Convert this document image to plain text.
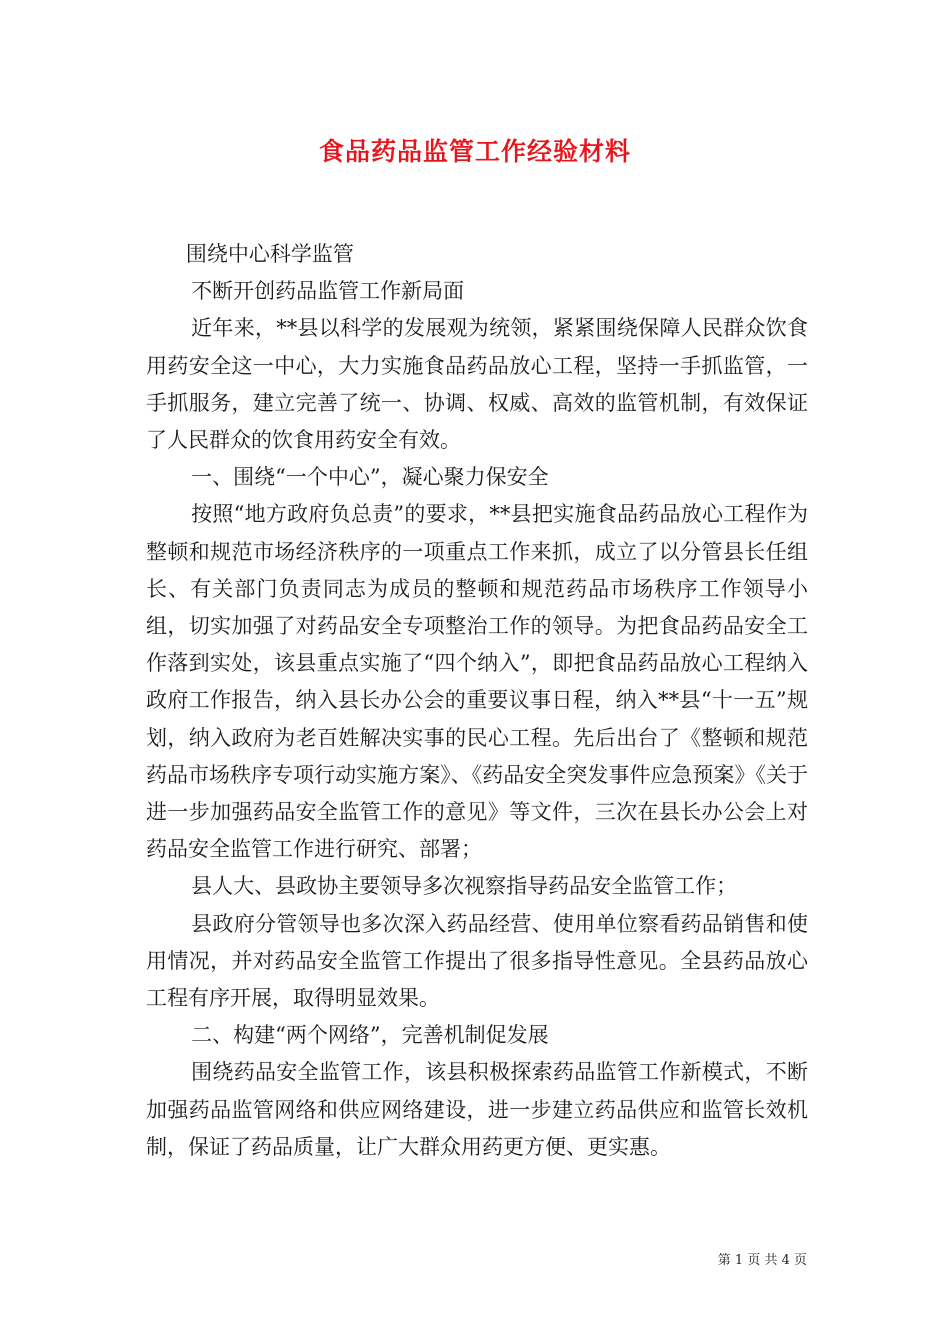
食品药品监管工作经验材料

围绕中心科学监管

不断开创药品监管工作新局面

近年来，**县以科学的发展观为统领，紧紧围绕保障人民群众饮食用药安全这一中心，大力实施食品药品放心工程，坚持一手抓监管，一手抓服务，建立完善了统一、协调、权威、高效的监管机制，有效保证了人民群众的饮食用药安全有效。

一、围绕“一个中心”，凝心聚力保安全

按照“地方政府负总责”的要求，**县把实施食品药品放心工程作为整顿和规范市场经济秩序的一项重点工作来抓，成立了以分管县长任组长、有关部门负责同志为成员的整顿和规范药品市场秩序工作领导小组，切实加强了对药品安全专项整治工作的领导。为把食品药品安全工作落到实处，该县重点实施了“四个纳入”，即把食品药品放心工程纳入政府工作报告，纳入县长办公会的重要议事日程，纳入**县“十一五”规划，纳入政府为老百姓解决实事的民心工程。先后出台了《整顿和规范药品市场秩序专项行动实施方案》、《药品安全突发事件应急预案》《关于进一步加强药品安全监管工作的意见》等文件，三次在县长办公会上对药品安全监管工作进行研究、部署；

县人大、县政协主要领导多次视察指导药品安全监管工作；

县政府分管领导也多次深入药品经营、使用单位察看药品销售和使用情况，并对药品安全监管工作提出了很多指导性意见。全县药品放心工程有序开展，取得明显效果。

二、构建“两个网络”，完善机制促发展

围绕药品安全监管工作，该县积极探索药品监管工作新模式，不断加强药品监管网络和供应网络建设，进一步建立药品供应和监管长效机制，保证了药品质量，让广大群众用药更方便、更实惠。

第 1 页 共 4 页
